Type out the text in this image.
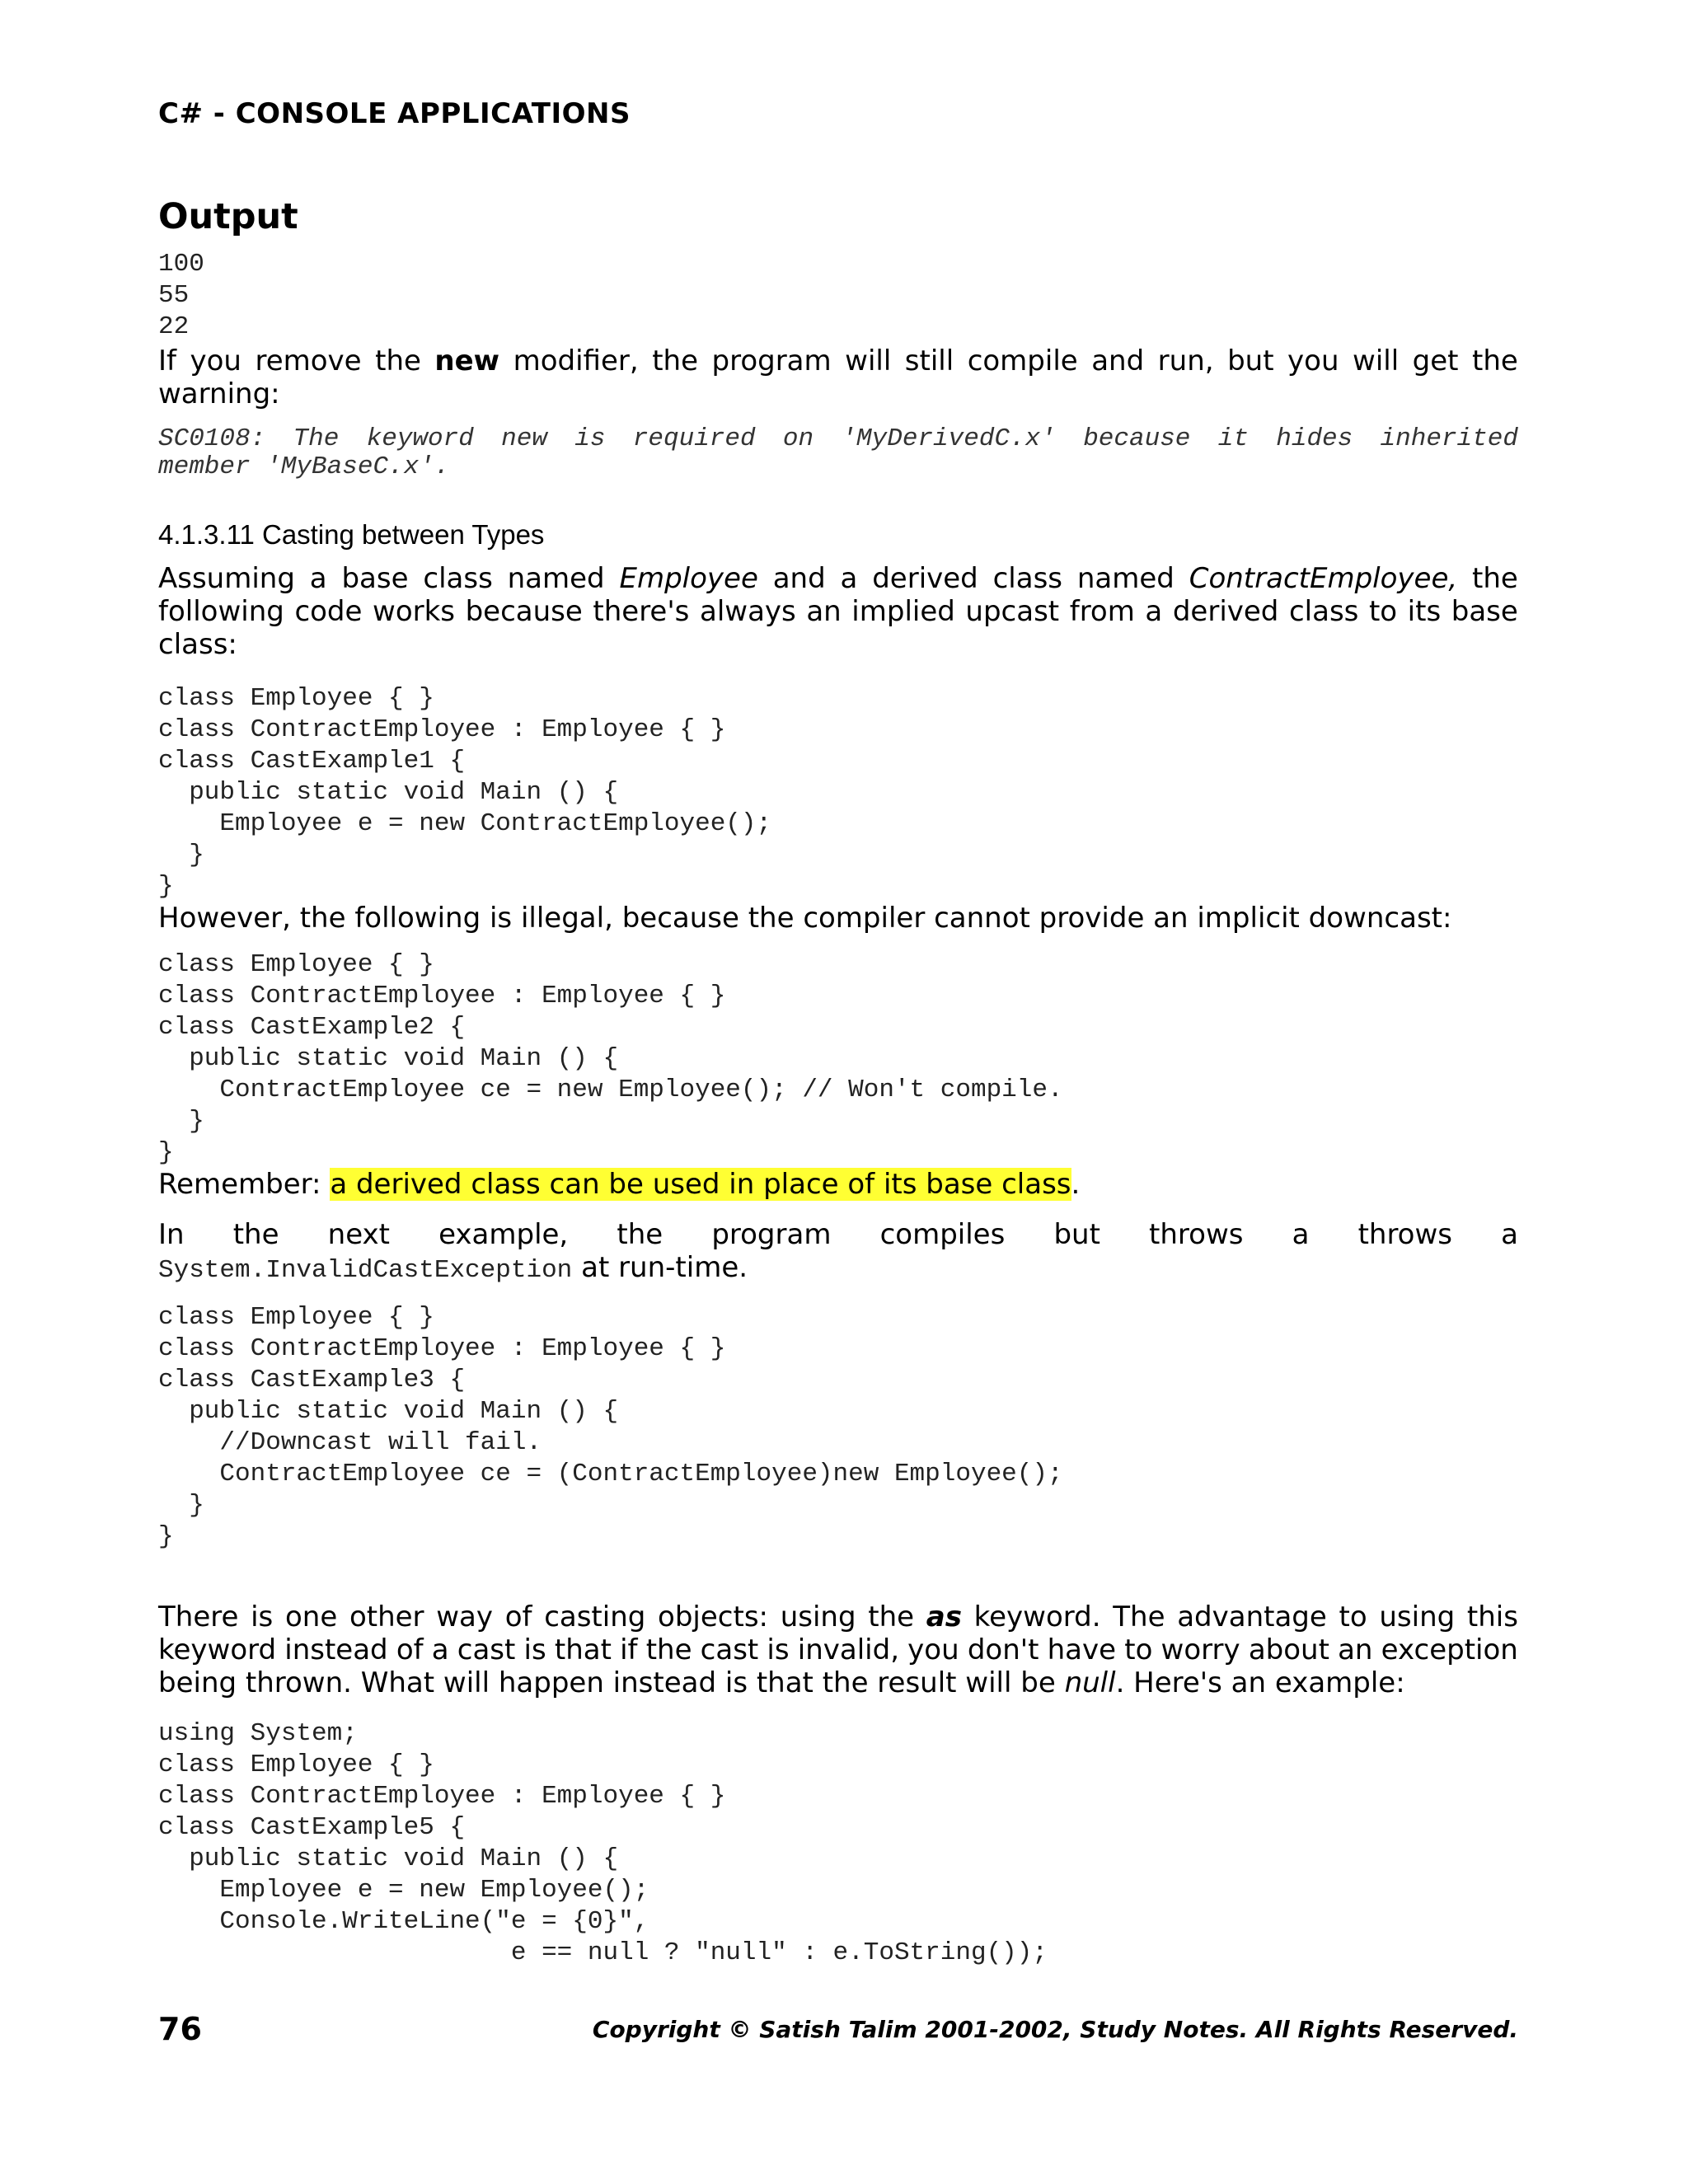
C# - CONSOLE APPLICATIONS
Output
100
55
22
If you remove the new modifier, the program will still compile and run, but you will get the
warning:
SC0108: The keyword new is required on 'MyDerivedC.x' because it hides inherited
member 'MyBaseC.x'.
4.1.3.11 Casting between Types
Assuming a base class named Employee and a derived class named ContractEmployee, the
following code works because there's always an implied upcast from a derived class to its base
class:
class Employee { }
class ContractEmployee : Employee { }
class CastExample1 {
public static void Main () {
Employee e = new ContractEmployee();
}
}
However, the following is illegal, because the compiler cannot provide an implicit downcast:
class Employee { }
class ContractEmployee : Employee { }
class CastExample2 {
public static void Main () {
ContractEmployee ce = new Employee(); // Won't compile.
}
}
Remember: a derived class can be used in place of its base class.
In the next example, the program compiles but throws a throws a
System.InvalidCastException at run-time.
class Employee { }
class ContractEmployee : Employee { }
class CastExample3 {
public static void Main () {
//Downcast will fail.
ContractEmployee ce = (ContractEmployee)new Employee();
}
}
There is one other way of casting objects: using the as keyword. The advantage to using this
keyword instead of a cast is that if the cast is invalid, you don't have to worry about an exception
being thrown. What will happen instead is that the result will be null. Here's an example:
using System;
class Employee { }
class ContractEmployee : Employee { }
class CastExample5 {
public static void Main () {
Employee e = new Employee();
Console.WriteLine("e = {0}",
e == null ? "null" : e.ToString());
76	Copyright © Satish Talim 2001-2002, Study Notes. All Rights Reserved.
